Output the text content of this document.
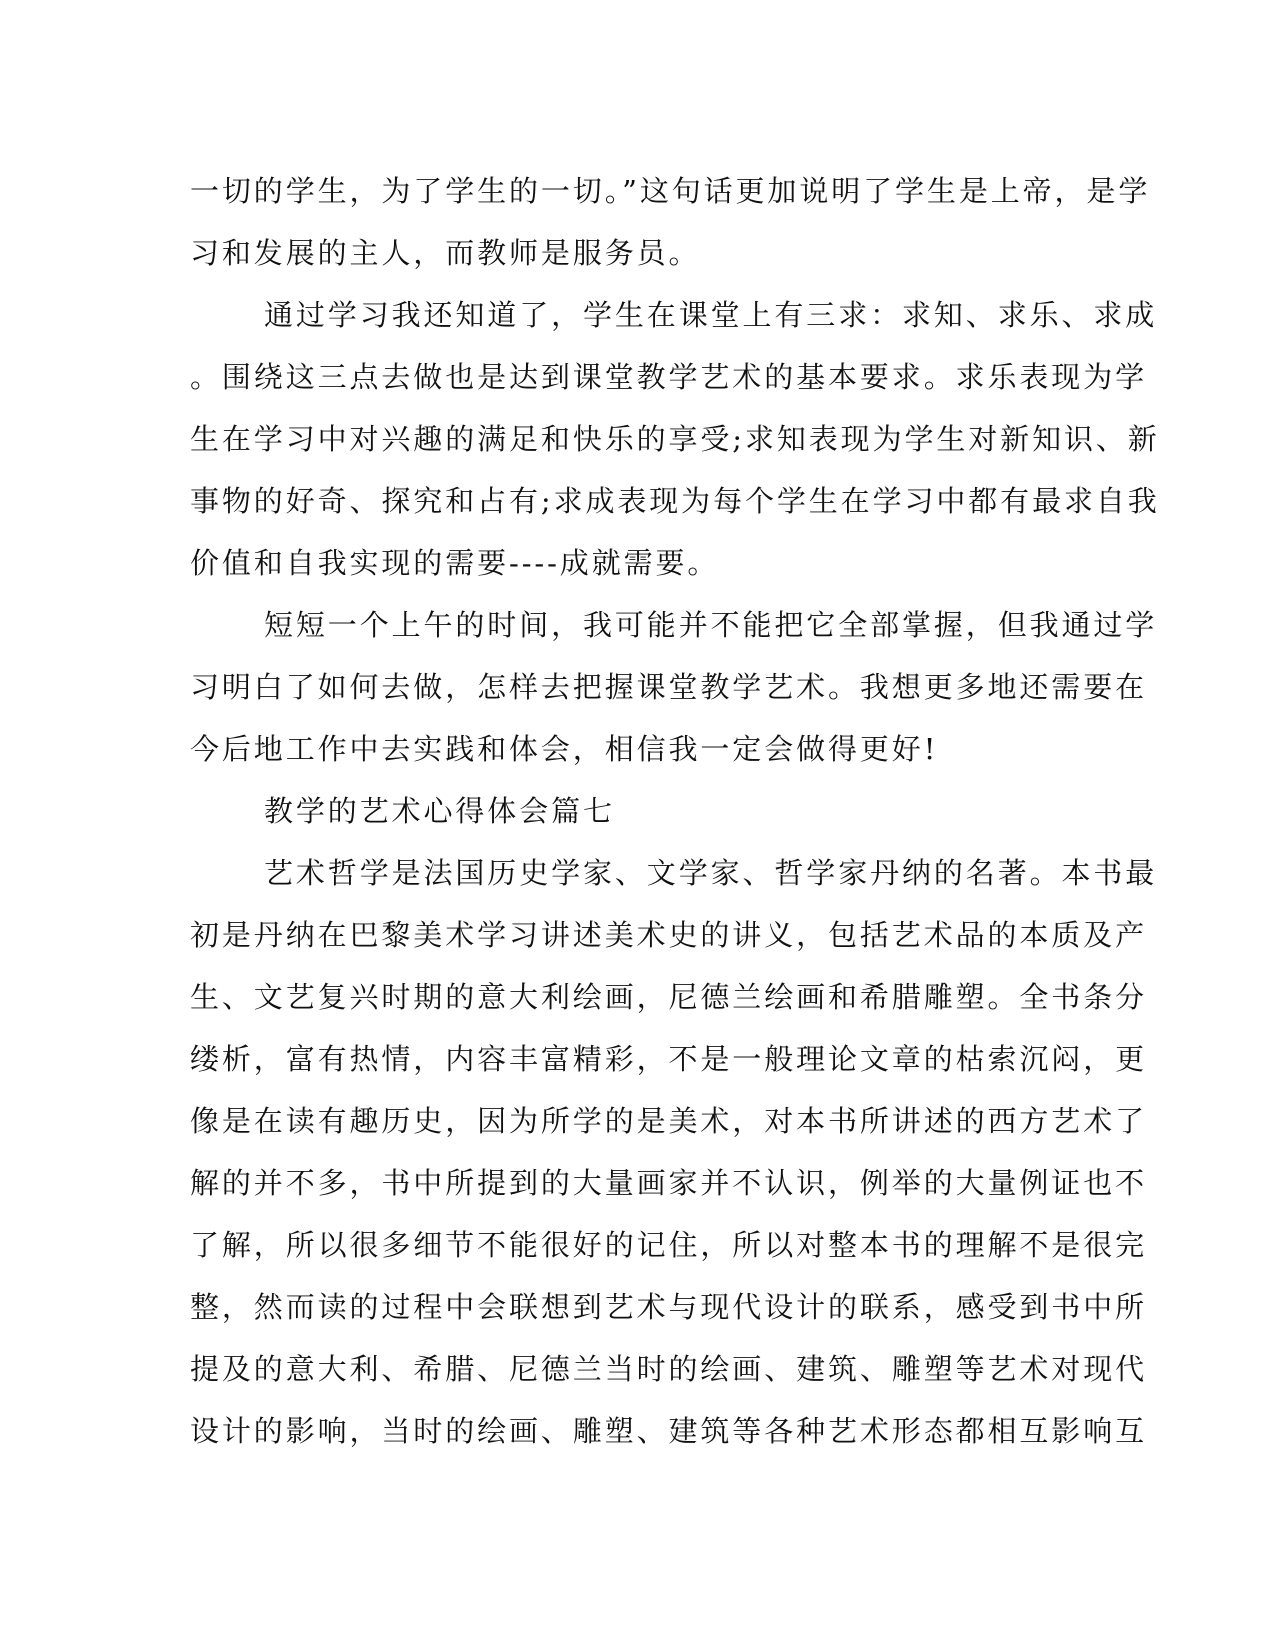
一切的学生，为了学生的一切。”这句话更加说明了学生是上帝，是学
习和发展的主人，而教师是服务员。
通过学习我还知道了，学生在课堂上有三求：求知、求乐、求成
。围绕这三点去做也是达到课堂教学艺术的基本要求。求乐表现为学
生在学习中对兴趣的满足和快乐的享受;求知表现为学生对新知识、新
事物的好奇、探究和占有;求成表现为每个学生在学习中都有最求自我
价值和自我实现的需要----成就需要。
短短一个上午的时间，我可能并不能把它全部掌握，但我通过学
习明白了如何去做，怎样去把握课堂教学艺术。我想更多地还需要在
今后地工作中去实践和体会，相信我一定会做得更好!
教学的艺术心得体会篇七
艺术哲学是法国历史学家、文学家、哲学家丹纳的名著。本书最
初是丹纳在巴黎美术学习讲述美术史的讲义，包括艺术品的本质及产
生、文艺复兴时期的意大利绘画，尼德兰绘画和希腊雕塑。全书条分
缕析，富有热情，内容丰富精彩，不是一般理论文章的枯索沉闷，更
像是在读有趣历史，因为所学的是美术，对本书所讲述的西方艺术了
解的并不多，书中所提到的大量画家并不认识，例举的大量例证也不
了解，所以很多细节不能很好的记住，所以对整本书的理解不是很完
整，然而读的过程中会联想到艺术与现代设计的联系，感受到书中所
提及的意大利、希腊、尼德兰当时的绘画、建筑、雕塑等艺术对现代
设计的影响，当时的绘画、雕塑、建筑等各种艺术形态都相互影响互
